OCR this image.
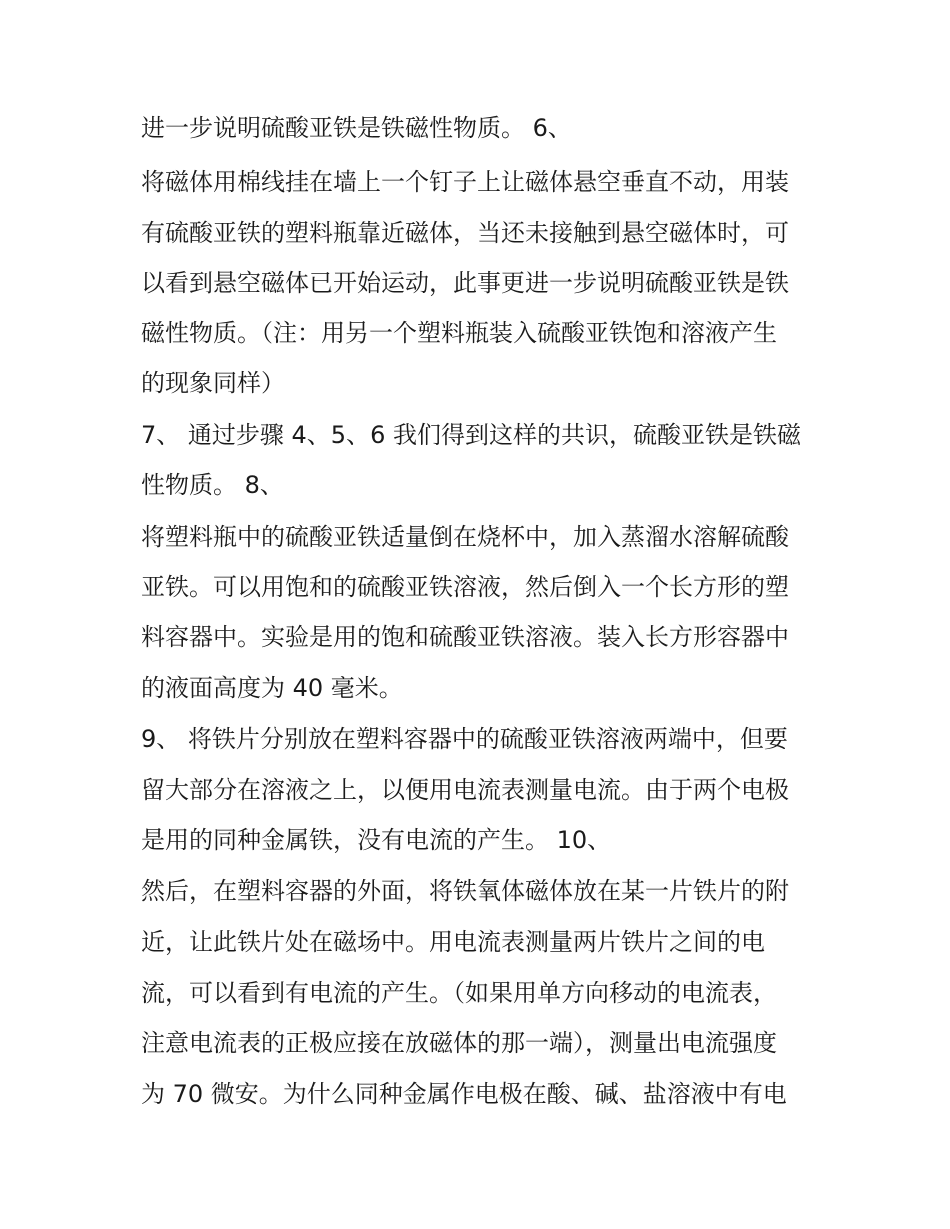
进一步说明硫酸亚铁是铁磁性物质。 6、
将磁体用棉线挂在墙上一个钉子上让磁体悬空垂直不动，用装
有硫酸亚铁的塑料瓶靠近磁体，当还未接触到悬空磁体时，可
以看到悬空磁体已开始运动，此事更进一步说明硫酸亚铁是铁
磁性物质。（注：用另一个塑料瓶装入硫酸亚铁饱和溶液产生
的现象同样）
7、 通过步骤 4、5、6 我们得到这样的共识，硫酸亚铁是铁磁
性物质。 8、
将塑料瓶中的硫酸亚铁适量倒在烧杯中，加入蒸溜水溶解硫酸
亚铁。可以用饱和的硫酸亚铁溶液，然后倒入一个长方形的塑
料容器中。实验是用的饱和硫酸亚铁溶液。装入长方形容器中
的液面高度为 40 毫米。
9、 将铁片分别放在塑料容器中的硫酸亚铁溶液两端中，但要
留大部分在溶液之上，以便用电流表测量电流。由于两个电极
是用的同种金属铁，没有电流的产生。 10、
然后，在塑料容器的外面，将铁氧体磁体放在某一片铁片的附
近，让此铁片处在磁场中。用电流表测量两片铁片之间的电
流，可以看到有电流的产生。（如果用单方向移动的电流表，
注意电流表的正极应接在放磁体的那一端），测量出电流强度
为 70 微安。为什么同种金属作电极在酸、碱、盐溶液中有电
